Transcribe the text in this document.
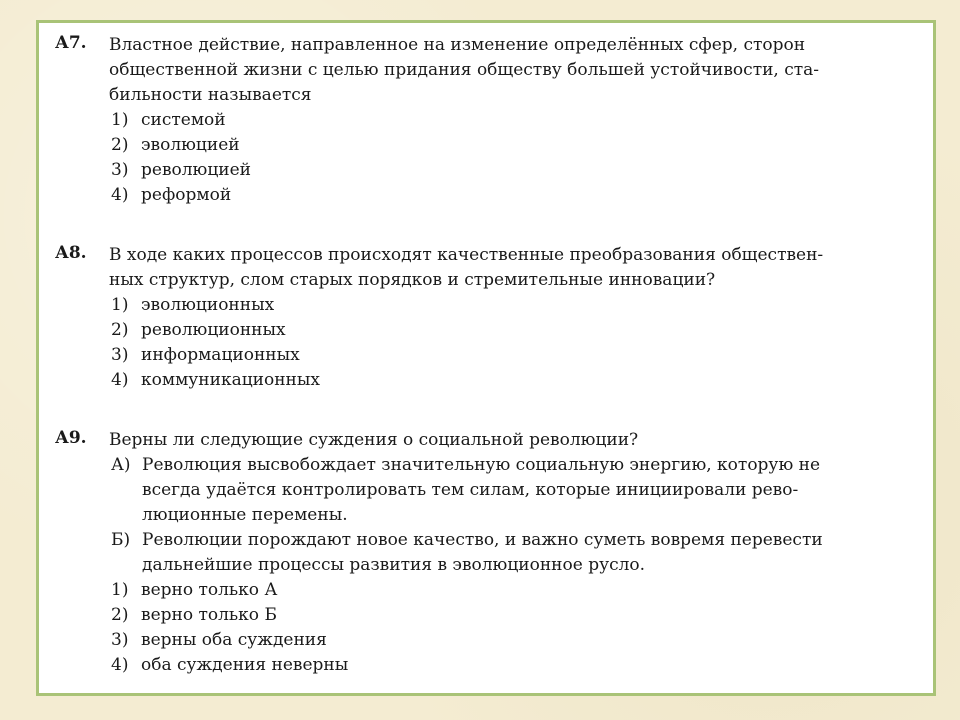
А7. Властное действие, направленное на изменение определённых сфер, сторон
общественной жизни с целью придания обществу большей устойчивости, ста-
бильности называется
1) системой
2) эволюцией
3) революцией
4) реформой
А8. В ходе каких процессов происходят качественные преобразования обществен-
ных структур, слом старых порядков и стремительные инновации?
1) эволюционных
2) революционных
3) информационных
4) коммуникационных
А9. Верны ли следующие суждения о социальной революции?
А) Революция высвобождает значительную социальную энергию, которую не
всегда удаётся контролировать тем силам, которые инициировали рево-
люционные перемены.
Б) Революции порождают новое качество, и важно суметь вовремя перевести
дальнейшие процессы развития в эволюционное русло.
1) верно только А
2) верно только Б
3) верны оба суждения
4) оба суждения неверны
